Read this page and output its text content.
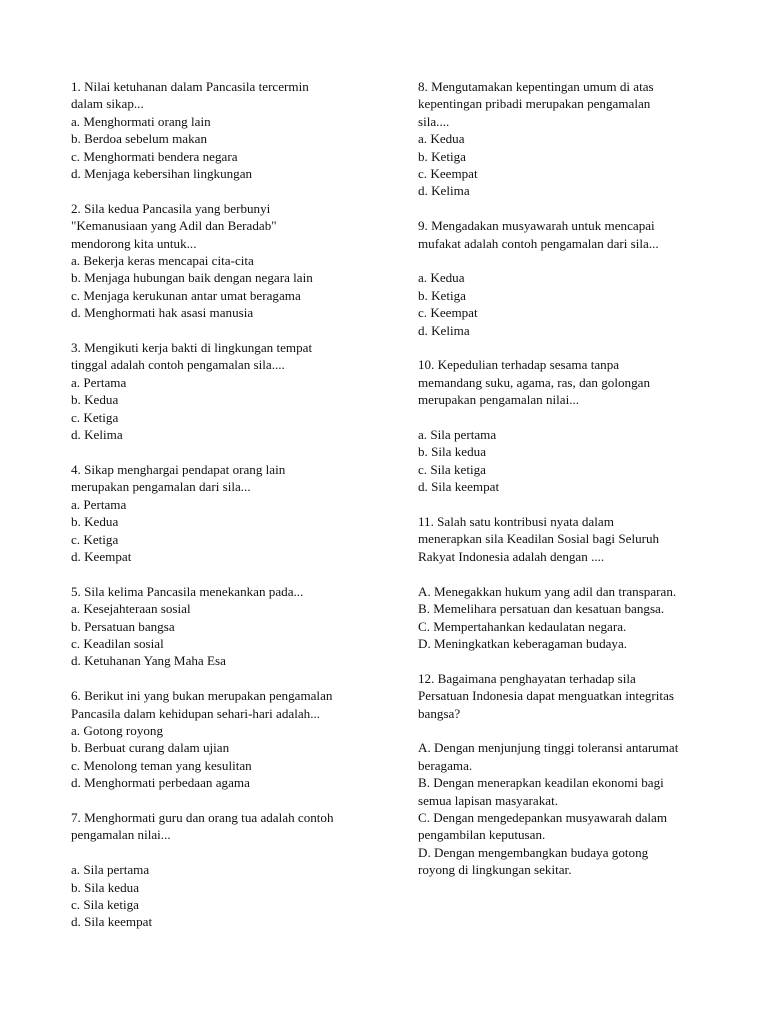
1. Nilai ketuhanan dalam Pancasila tercermin

dalam sikap...

a. Menghormati orang lain

b. Berdoa sebelum makan

c. Menghormati bendera negara

d. Menjaga kebersihan lingkungan

2. Sila kedua Pancasila yang berbunyi

"Kemanusiaan yang Adil dan Beradab"

mendorong kita untuk...

a. Bekerja keras mencapai cita-cita

b. Menjaga hubungan baik dengan negara lain

c. Menjaga kerukunan antar umat beragama

d. Menghormati hak asasi manusia

3. Mengikuti kerja bakti di lingkungan tempat

tinggal adalah contoh pengamalan sila....

a. Pertama

b. Kedua

c. Ketiga

d. Kelima

4. Sikap menghargai pendapat orang lain

merupakan pengamalan dari sila...

a. Pertama

b. Kedua

c. Ketiga

d. Keempat

5. Sila kelima Pancasila menekankan pada...

a. Kesejahteraan sosial

b. Persatuan bangsa

c. Keadilan sosial

d. Ketuhanan Yang Maha Esa

6. Berikut ini yang bukan merupakan pengamalan

Pancasila dalam kehidupan sehari-hari adalah...

a. Gotong royong

b. Berbuat curang dalam ujian

c. Menolong teman yang kesulitan

d. Menghormati perbedaan agama

7. Menghormati guru dan orang tua adalah contoh

pengamalan nilai...

a. Sila pertama

b. Sila kedua

c. Sila ketiga

d. Sila keempat

8. Mengutamakan kepentingan umum di atas

kepentingan pribadi merupakan pengamalan

sila....

a. Kedua

b. Ketiga

c. Keempat

d. Kelima

9. Mengadakan musyawarah untuk mencapai

mufakat adalah contoh pengamalan dari sila...

a. Kedua

b. Ketiga

c. Keempat

d. Kelima

10. Kepedulian terhadap sesama tanpa

memandang suku, agama, ras, dan golongan

merupakan pengamalan nilai...

a. Sila pertama

b. Sila kedua

c. Sila ketiga

d. Sila keempat

11. Salah satu kontribusi nyata dalam

menerapkan sila Keadilan Sosial bagi Seluruh

Rakyat Indonesia adalah dengan ....

A. Menegakkan hukum yang adil dan transparan.

B. Memelihara persatuan dan kesatuan bangsa.

C. Mempertahankan kedaulatan negara.

D. Meningkatkan keberagaman budaya.

12. Bagaimana penghayatan terhadap sila

Persatuan Indonesia dapat menguatkan integritas

bangsa?

A. Dengan menjunjung tinggi toleransi antarumat

beragama.

B. Dengan menerapkan keadilan ekonomi bagi

semua lapisan masyarakat.

C. Dengan mengedepankan musyawarah dalam

pengambilan keputusan.

D. Dengan mengembangkan budaya gotong

royong di lingkungan sekitar.
